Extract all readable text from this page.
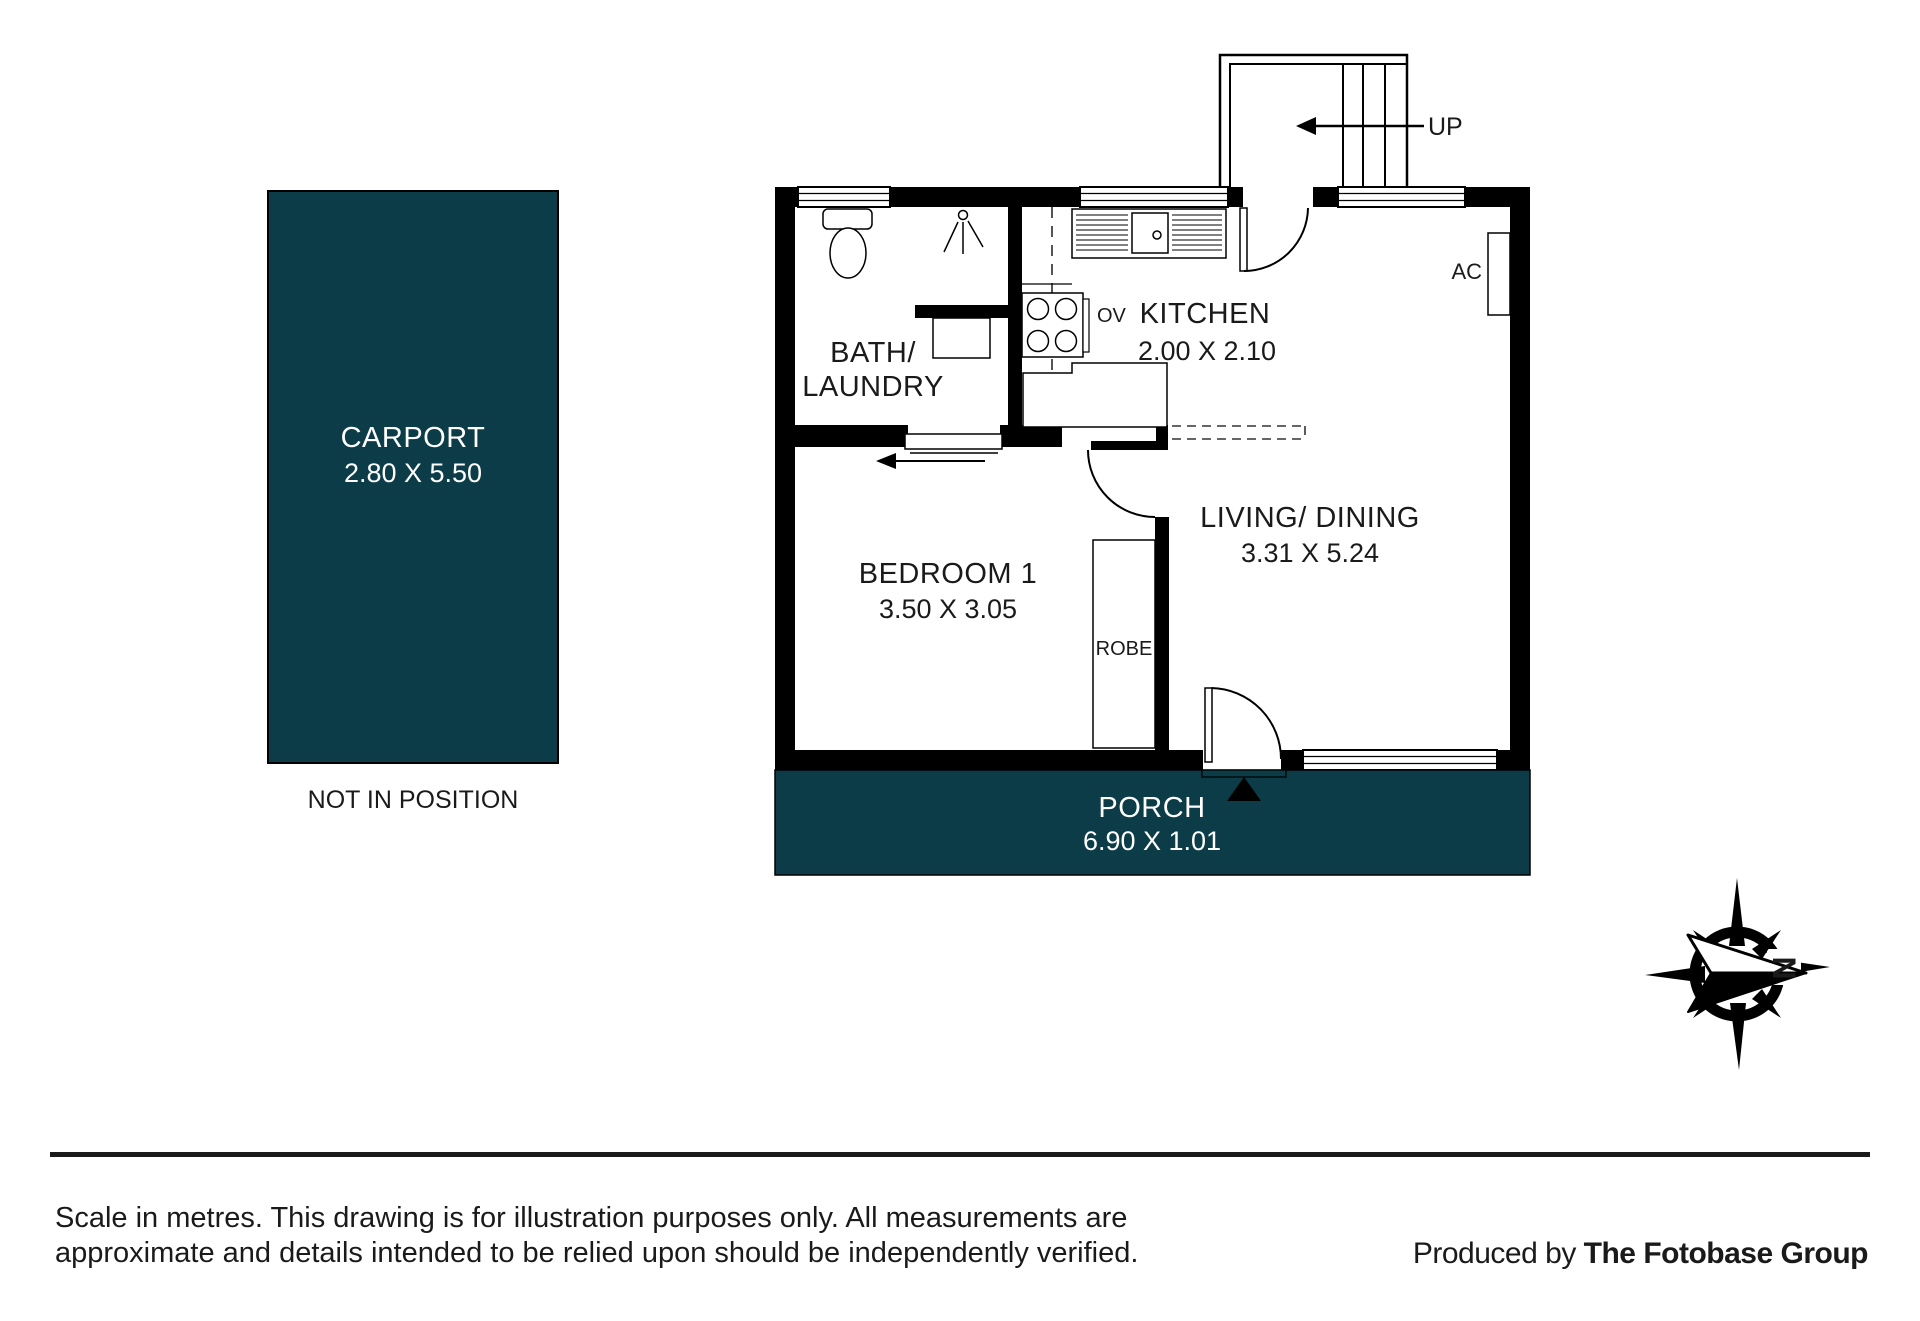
CARPORT
2.80 X 5.50
NOT IN POSITION
UP
ROBE
AC
PORCH
6.90 X 1.01
BATH/
LAUNDRY
KITCHEN
2.00 X 2.10
BEDROOM 1
3.50 X 3.05
LIVING/ DINING
3.31 X 5.24
OV
N
Scale in metres. This drawing is for illustration purposes only. All measurements are
approximate and details intended to be relied upon should be independently verified.	Produced by The Fotobase Group
